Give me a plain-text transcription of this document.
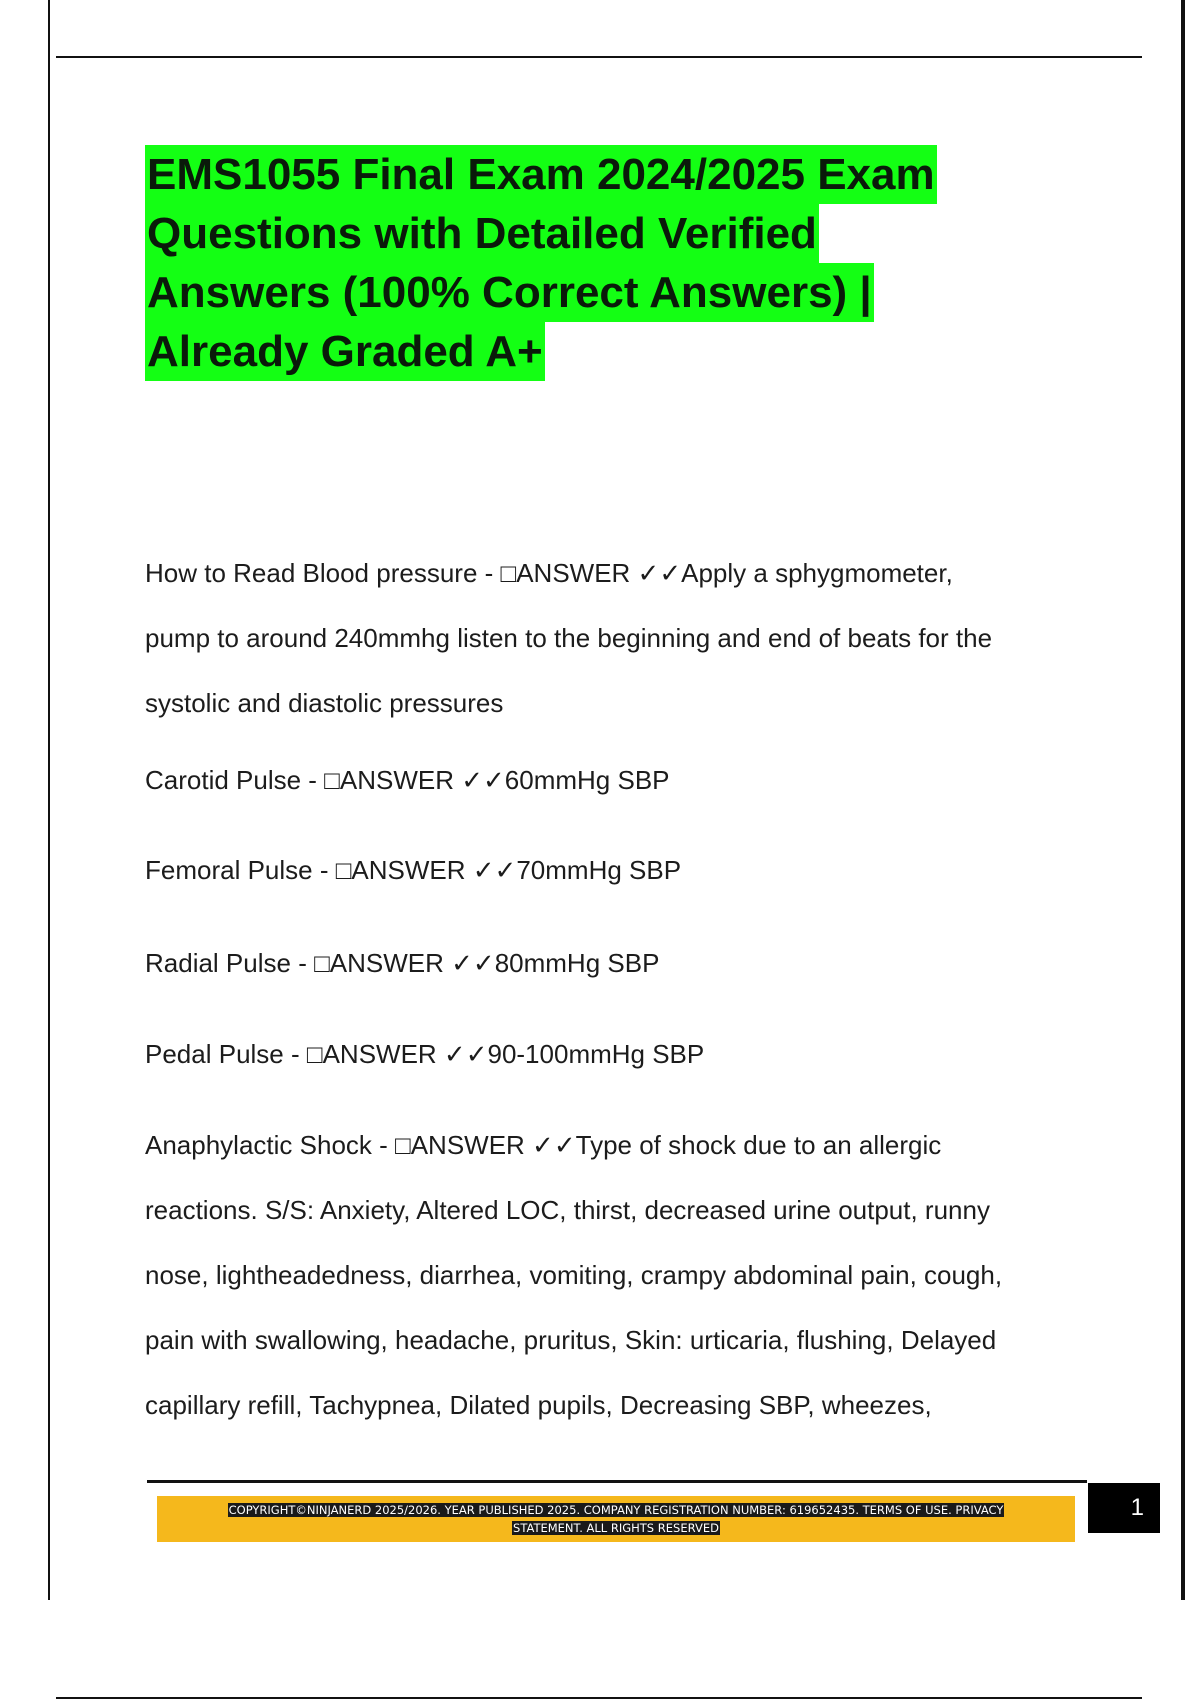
EMS1055 Final Exam 2024/2025 Exam
Questions with Detailed Verified
Answers (100% Correct Answers) |
Already Graded A+
How to Read Blood pressure - □ANSWER ✓✓Apply a sphygmometer,
pump to around 240mmhg listen to the beginning and end of beats for the
systolic and diastolic pressures
Carotid Pulse - □ANSWER ✓✓60mmHg SBP
Femoral Pulse - □ANSWER ✓✓70mmHg SBP
Radial Pulse - □ANSWER ✓✓80mmHg SBP
Pedal Pulse - □ANSWER ✓✓90-100mmHg SBP
Anaphylactic Shock - □ANSWER ✓✓Type of shock due to an allergic
reactions. S/S: Anxiety, Altered LOC, thirst, decreased urine output, runny
nose, lightheadedness, diarrhea, vomiting, crampy abdominal pain, cough,
pain with swallowing, headache, pruritus, Skin: urticaria, flushing, Delayed
capillary refill, Tachypnea, Dilated pupils, Decreasing SBP, wheezes,
COPYRIGHT©NINJANERD 2025/2026. YEAR PUBLISHED 2025. COMPANY REGISTRATION NUMBER: 619652435. TERMS OF USE. PRIVACY
STATEMENT. ALL RIGHTS RESERVED
1
